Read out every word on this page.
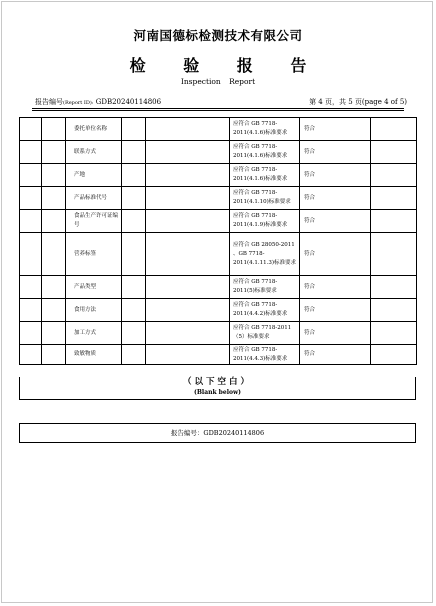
河南国德标检测技术有限公司
检 验 报 告
Inspection Report
报告编号(Report ID): GDB20240114806	第 4 页，共 5 页(page 4 of 5)
		委托单位名称			应符合 GB 7718-2011(4.1.6)标准要求	符合	
		联系方式			应符合 GB 7718-2011(4.1.6)标准要求	符合	
		产地			应符合 GB 7718-2011(4.1.6)标准要求	符合	
		产品标准代号			应符合 GB 7718-2011(4.1.10)标准要求	符合	
		食品生产许可证编号			应符合 GB 7718-2011(4.1.9)标准要求	符合	
		营养标签			应符合 GB 28050-2011 、GB 7718-2011(4.1.11.3)标准要求	符合	
		产品类型			应符合 GB 7718-2011(5)标准要求	符合	
		食用方法			应符合 GB 7718-2011(4.4.2)标准要求	符合	
		加工方式			应符合 GB 7718-2011（5）标准要求	符合	
		致敏物质			应符合 GB 7718-2011(4.4.3)标准要求	符合	
（以下空白）
(Blank below)
报告编号：GDB20240114806
